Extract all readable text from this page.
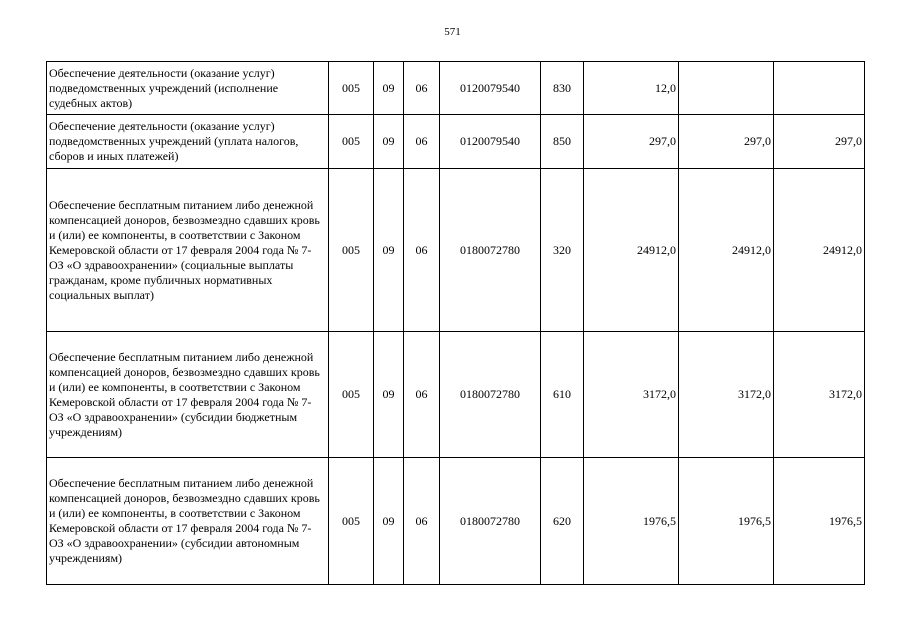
571
Обеспечение деятельности (оказание услуг) подведомственных учреждений (исполнение судебных актов)	005	09	06	0120079540	830	12,0		
Обеспечение деятельности (оказание услуг) подведомственных учреждений (уплата налогов, сборов и иных платежей)	005	09	06	0120079540	850	297,0	297,0	297,0
Обеспечение бесплатным питанием либо денежной компенсацией доноров, безвозмездно сдавших кровь и (или) ее компоненты, в соответствии с Законом Кемеровской области от 17 февраля 2004 года № 7-ОЗ «О здравоохранении» (социальные выплаты гражданам, кроме публичных нормативных социальных выплат)	005	09	06	0180072780	320	24912,0	24912,0	24912,0
Обеспечение бесплатным питанием либо денежной компенсацией доноров, безвозмездно сдавших кровь и (или) ее компоненты, в соответствии с Законом Кемеровской области от 17 февраля 2004 года № 7-ОЗ «О здравоохранении» (субсидии бюджетным учреждениям)	005	09	06	0180072780	610	3172,0	3172,0	3172,0
Обеспечение бесплатным питанием либо денежной компенсацией доноров, безвозмездно сдавших кровь и (или) ее компоненты, в соответствии с Законом Кемеровской области от 17 февраля 2004 года № 7-ОЗ «О здравоохранении» (субсидии автономным учреждениям)	005	09	06	0180072780	620	1976,5	1976,5	1976,5
